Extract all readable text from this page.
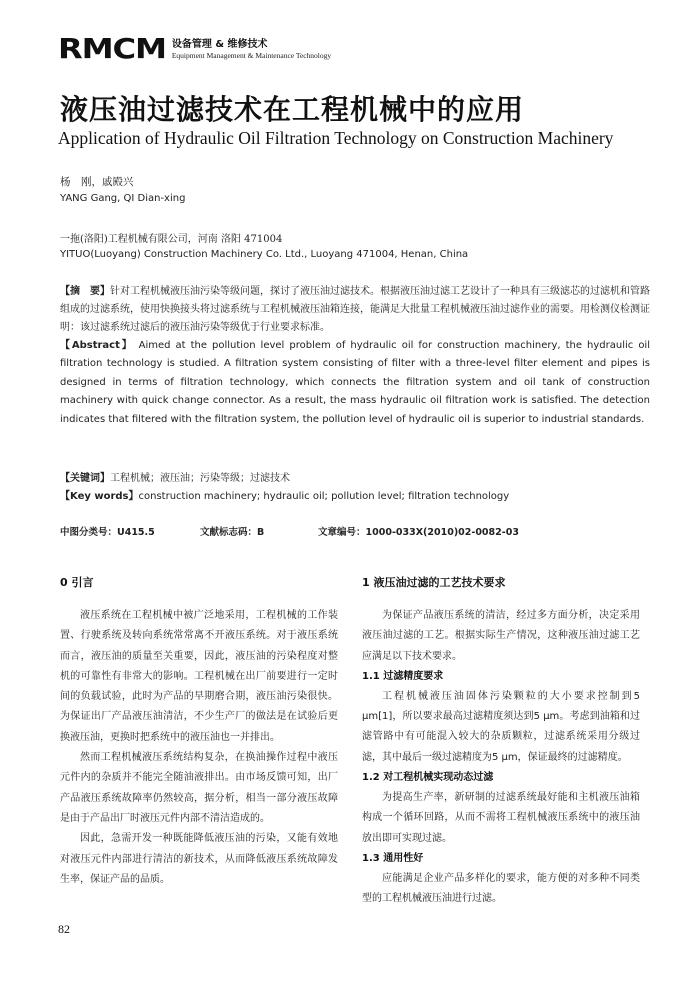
RMCM 设备管理 & 维修技术
Equipment Management & Maintenance Technology
液压油过滤技术在工程机械中的应用
Application of Hydraulic Oil Filtration Technology on Construction Machinery
杨　刚，戚殿兴
YANG Gang, QI Dian-xing
一拖(洛阳)工程机械有限公司，河南 洛阳 471004
YITUO(Luoyang) Construction Machinery Co. Ltd., Luoyang 471004, Henan, China

【摘　要】针对工程机械液压油污染等级问题，探讨了液压油过滤技术。根据液压油过滤工艺设计了一种具有三级滤芯的过滤机和管路组成的过滤系统，使用快换接头将过滤系统与工程机械液压油箱连接，能满足大批量工程机械液压油过滤作业的需要。用检测仪检测证明：该过滤系统过滤后的液压油污染等级优于行业要求标准。

【Abstract】 Aimed at the pollution level problem of hydraulic oil for construction machinery, the hydraulic oil filtration technology is studied. A filtration system consisting of filter with a three-level filter element and pipes is designed in terms of filtration technology, which connects the filtration system and oil tank of construction machinery with quick change connector. As a result, the mass hydraulic oil filtration work is satisfied. The detection indicates that filtered with the filtration system, the pollution level of hydraulic oil is superior to industrial standards.

【关键词】工程机械；液压油；污染等级；过滤技术

【Key words】construction machinery; hydraulic oil; pollution level; filtration technology

中图分类号：U415.5	文献标志码：B	文章编号：1000-033X(2010)02-0082-03
0 引言

液压系统在工程机械中被广泛地采用，工程机械的工作装置、行驶系统及转向系统常常离不开液压系统。对于液压系统而言，液压油的质量至关重要，因此，液压油的污染程度对整机的可靠性有非常大的影响。工程机械在出厂前要进行一定时间的负载试验，此时为产品的早期磨合期，液压油污染很快。为保证出厂产品液压油清洁，不少生产厂的做法是在试验后更换液压油，更换时把系统中的液压油也一并排出。

然而工程机械液压系统结构复杂，在换油操作过程中液压元件内的杂质并不能完全随油液排出。由市场反馈可知，出厂产品液压系统故障率仍然较高，据分析，相当一部分液压故障是由于产品出厂时液压元件内部不清洁造成的。

因此，急需开发一种既能降低液压油的污染，又能有效地对液压元件内部进行清洁的新技术，从而降低液压系统故障发生率，保证产品的品质。

1 液压油过滤的工艺技术要求

为保证产品液压系统的清洁，经过多方面分析，决定采用液压油过滤的工艺。根据实际生产情况，这种液压油过滤工艺应满足以下技术要求。

1.1 过滤精度要求

工程机械液压油固体污染颗粒的大小要求控制到5 μm[1]，所以要求最高过滤精度须达到5 μm。考虑到油箱和过滤管路中有可能混入较大的杂质颗粒，过滤系统采用分级过滤，其中最后一级过滤精度为5 μm，保证最终的过滤精度。

1.2 对工程机械实现动态过滤

为提高生产率，新研制的过滤系统最好能和主机液压油箱构成一个循环回路，从而不需将工程机械液压系统中的液压油放出即可实现过滤。

1.3 通用性好

应能满足企业产品多样化的要求，能方便的对多种不同类型的工程机械液压油进行过滤。

82
